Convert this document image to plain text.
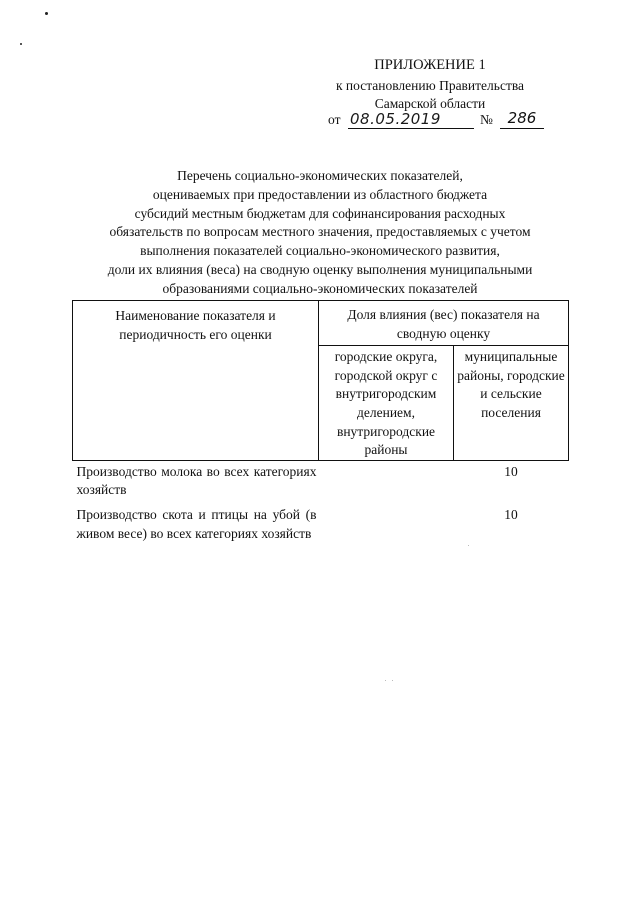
ПРИЛОЖЕНИЕ 1
к постановлению Правительства
Самарской области
от 08.05.2019	№ 286
Перечень социально-экономических показателей,
оцениваемых при предоставлении из областного бюджета
субсидий местным бюджетам для софинансирования расходных
обязательств по вопросам местного значения, предоставляемых с учетом
выполнения показателей социально-экономического развития,
доли их влияния (веса) на сводную оценку выполнения муниципальными
образованиями социально-экономических показателей
Наименование показателя и периодичность его оценки	Доля влияния (вес) показателя на сводную оценку	
	городские округа, городской округ с внутригородским делением, внутригородские районы	муниципальные районы, городские и сельские поселения
Производство молока во всех категориях хозяйств		10
Производство скота и птицы на убой (в живом весе) во всех категориях хозяйств		10
